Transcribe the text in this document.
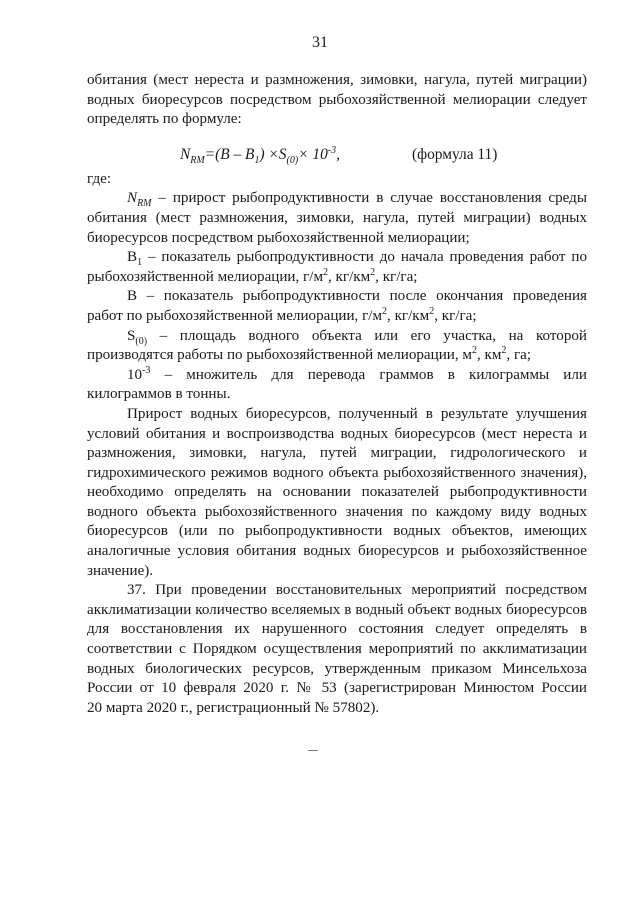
31

обитания (мест нереста и размножения, зимовки, нагула, путей миграции)

водных биоресурсов посредством рыбохозяйственной мелиорации следует

определять по формуле:

$N_{RM}=(B - B_1) \times S_{(0)}\times 10^{-3}$,	(формула 11)

где:

$N_{RM}$ – прирост рыбопродуктивности в случае восстановления среды

обитания (мест размножения, зимовки, нагула, путей миграции) водных

биоресурсов посредством рыбохозяйственной мелиорации;

$B_1$ – показатель рыбопродуктивности до начала проведения работ по

рыбохозяйственной мелиорации, $г/м^2$, $кг/км^2$, кг/га;

B – показатель рыбопродуктивности после окончания проведения

работ по рыбохозяйственной мелиорации, $г/м^2$, $кг/км^2$, кг/га;

$S_{(0)}$ – площадь водного объекта или его участка, на которой

производятся работы по рыбохозяйственной мелиорации, $м^2$, $км^2$, га;

$10^{-3}$ – множитель для перевода граммов в килограммы или

килограммов в тонны.

Прирост водных биоресурсов, полученный в результате улучшения

условий обитания и воспроизводства водных биоресурсов (мест нереста и

размножения, зимовки, нагула, путей миграции, гидрологического и

гидрохимического режимов водного объекта рыбохозяйственного значения),

необходимо определять на основании показателей рыбопродуктивности

водного объекта рыбохозяйственного значения по каждому виду водных

биоресурсов (или по рыбопродуктивности водных объектов, имеющих

аналогичные условия обитания водных биоресурсов и рыбохозяйственное

значение).

37. При проведении восстановительных мероприятий посредством

акклиматизации количество вселяемых в водный объект водных биоресурсов

для восстановления их нарушенного состояния следует определять в

соответствии с Порядком осуществления мероприятий по акклиматизации

водных биологических ресурсов, утвержденным приказом Минсельхоза

России от 10 февраля 2020 г. № 53 (зарегистрирован Минюстом России

20 марта 2020 г., регистрационный № 57802).
